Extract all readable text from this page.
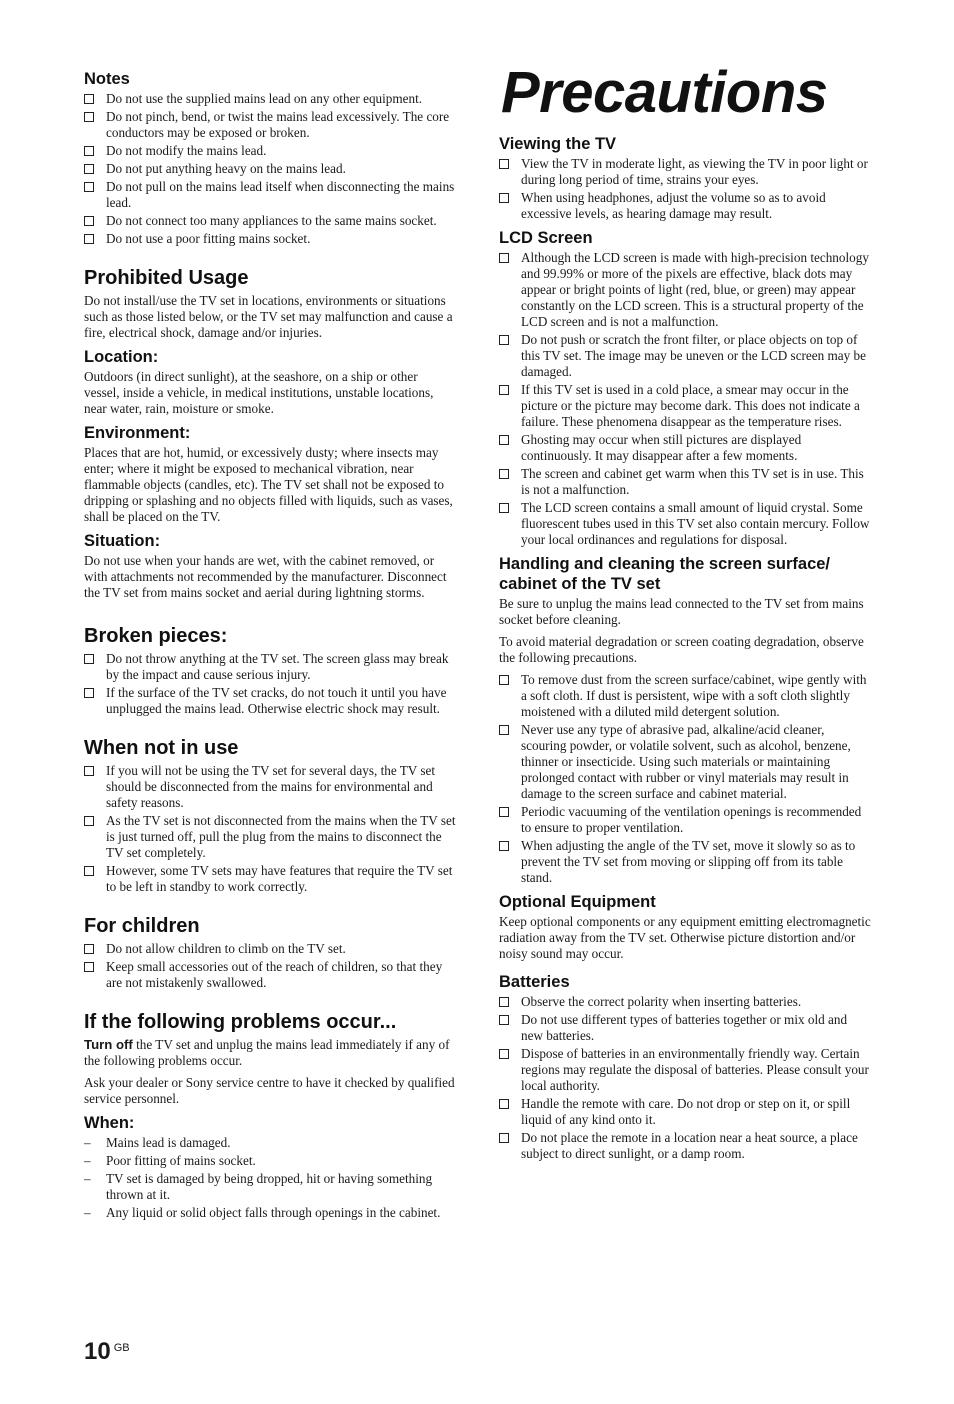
Notes
Do not use the supplied mains lead on any other equipment.
Do not pinch, bend, or twist the mains lead excessively. The core conductors may be exposed or broken.
Do not modify the mains lead.
Do not put anything heavy on the mains lead.
Do not pull on the mains lead itself when disconnecting the mains lead.
Do not connect too many appliances to the same mains socket.
Do not use a poor fitting mains socket.
Prohibited Usage

Do not install/use the TV set in locations, environments or situations such as those listed below, or the TV set may malfunction and cause a fire, electrical shock, damage and/or injuries.

Location:

Outdoors (in direct sunlight), at the seashore, on a ship or other vessel, inside a vehicle, in medical institutions, unstable locations, near water, rain, moisture or smoke.

Environment:

Places that are hot, humid, or excessively dusty; where insects may enter; where it might be exposed to mechanical vibration, near flammable objects (candles, etc). The TV set shall not be exposed to dripping or splashing and no objects filled with liquids, such as vases, shall be placed on the TV.

Situation:

Do not use when your hands are wet, with the cabinet removed, or with attachments not recommended by the manufacturer. Disconnect the TV set from mains socket and aerial during lightning storms.

Broken pieces:
Do not throw anything at the TV set. The screen glass may break by the impact and cause serious injury.
If the surface of the TV set cracks, do not touch it until you have unplugged the mains lead. Otherwise electric shock may result.
When not in use
If you will not be using the TV set for several days, the TV set should be disconnected from the mains for environmental and safety reasons.
As the TV set is not disconnected from the mains when the TV set is just turned off, pull the plug from the mains to disconnect the TV set completely.
However, some TV sets may have features that require the TV set to be left in standby to work correctly.
For children
Do not allow children to climb on the TV set.
Keep small accessories out of the reach of children, so that they are not mistakenly swallowed.
If the following problems occur...

Turn off the TV set and unplug the mains lead immediately if any of the following problems occur.

Ask your dealer or Sony service centre to have it checked by qualified service personnel.

When:
– Mains lead is damaged.
– Poor fitting of mains socket.
– TV set is damaged by being dropped, hit or having something thrown at it.
– Any liquid or solid object falls through openings in the cabinet.
Precautions
Viewing the TV
View the TV in moderate light, as viewing the TV in poor light or during long period of time, strains your eyes.
When using headphones, adjust the volume so as to avoid excessive levels, as hearing damage may result.
LCD Screen
Although the LCD screen is made with high-precision technology and 99.99% or more of the pixels are effective, black dots may appear or bright points of light (red, blue, or green) may appear constantly on the LCD screen. This is a structural property of the LCD screen and is not a malfunction.
Do not push or scratch the front filter, or place objects on top of this TV set. The image may be uneven or the LCD screen may be damaged.
If this TV set is used in a cold place, a smear may occur in the picture or the picture may become dark. This does not indicate a failure. These phenomena disappear as the temperature rises.
Ghosting may occur when still pictures are displayed continuously. It may disappear after a few moments.
The screen and cabinet get warm when this TV set is in use. This is not a malfunction.
The LCD screen contains a small amount of liquid crystal. Some fluorescent tubes used in this TV set also contain mercury. Follow your local ordinances and regulations for disposal.
Handling and cleaning the screen surface/ cabinet of the TV set

Be sure to unplug the mains lead connected to the TV set from mains socket before cleaning.

To avoid material degradation or screen coating degradation, observe the following precautions.

To remove dust from the screen surface/cabinet, wipe gently with a soft cloth. If dust is persistent, wipe with a soft cloth slightly moistened with a diluted mild detergent solution.
Never use any type of abrasive pad, alkaline/acid cleaner, scouring powder, or volatile solvent, such as alcohol, benzene, thinner or insecticide. Using such materials or maintaining prolonged contact with rubber or vinyl materials may result in damage to the screen surface and cabinet material.
Periodic vacuuming of the ventilation openings is recommended to ensure to proper ventilation.
When adjusting the angle of the TV set, move it slowly so as to prevent the TV set from moving or slipping off from its table stand.
Optional Equipment

Keep optional components or any equipment emitting electromagnetic radiation away from the TV set. Otherwise picture distortion and/or noisy sound may occur.

Batteries
Observe the correct polarity when inserting batteries.
Do not use different types of batteries together or mix old and new batteries.
Dispose of batteries in an environmentally friendly way. Certain regions may regulate the disposal of batteries. Please consult your local authority.
Handle the remote with care. Do not drop or step on it, or spill liquid of any kind onto it.
Do not place the remote in a location near a heat source, a place subject to direct sunlight, or a damp room.
10 $^{GB}$
